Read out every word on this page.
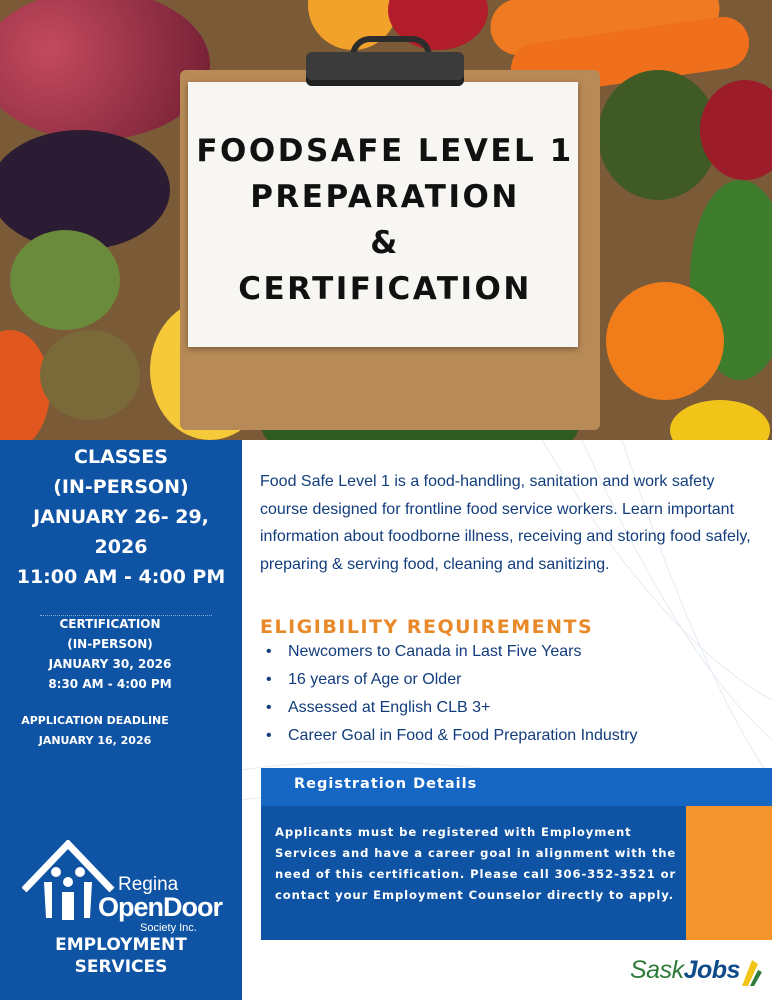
FOODSAFE LEVEL 1
PREPARATION
&
CERTIFICATION
CLASSES
(IN-PERSON)
JANUARY 26- 29,
2026
11:00 AM - 4:00 PM
CERTIFICATION
(IN-PERSON)
JANUARY 30, 2026
8:30 AM - 4:00 PM
APPLICATION DEADLINE
JANUARY 16, 2026
Regina
OpenDoor
Society Inc.
EMPLOYMENT
SERVICES
Food Safe Level 1 is a food-handling, sanitation and work safety course designed for frontline food service workers. Learn important information about foodborne illness, receiving and storing food safely, preparing & serving food, cleaning and sanitizing.
ELIGIBILITY REQUIREMENTS
• Newcomers to Canada in Last Five Years
• 16 years of Age or Older
• Assessed at English CLB 3+
• Career Goal in Food & Food Preparation Industry
Registration Details
Applicants must be registered with Employment Services and have a career goal in alignment with the need of this certification. Please call 306-352-3521 or contact your Employment Counselor directly to apply.
SaskJobs
